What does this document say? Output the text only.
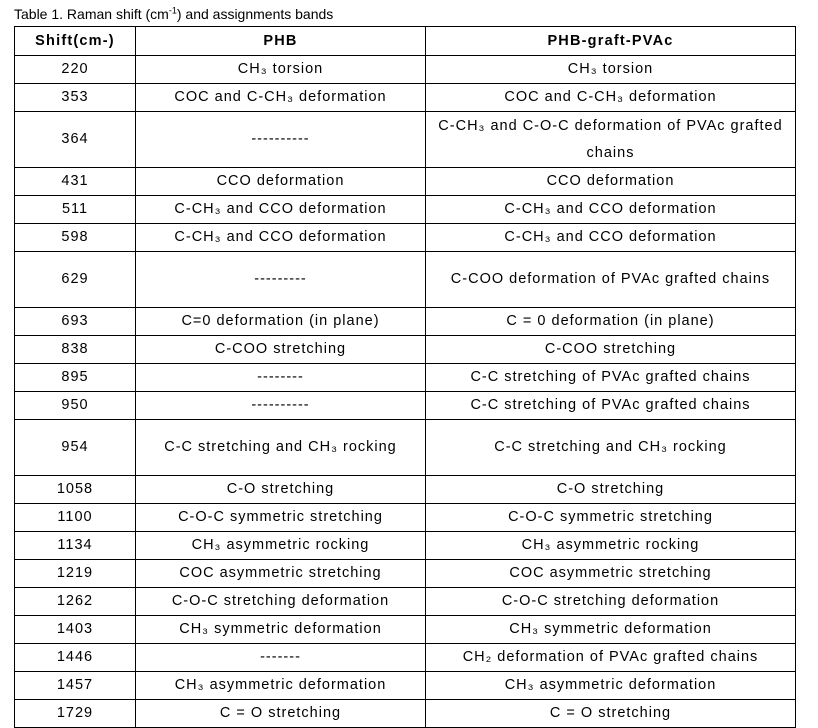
Table 1. Raman shift $(cm^{-1})$ and assignments bands
Shift(cm-)	PHB	PHB-graft-PVAc
220	CH₃ torsion	CH₃ torsion
353	COC and C-CH₃ deformation	COC and C-CH₃ deformation
364	----------	C-CH₃ and C-O-C deformation of PVAc grafted chains
431	CCO deformation	CCO deformation
511	C-CH₃ and CCO deformation	C-CH₃ and CCO deformation
598	C-CH₃ and CCO deformation	C-CH₃ and CCO deformation
629	---------	C-COO deformation of PVAc grafted chains
693	C=0 deformation (in plane)	C = 0 deformation (in plane)
838	C-COO stretching	C-COO stretching
895	--------	C-C stretching of PVAc grafted chains
950	----------	C-C stretching of PVAc grafted chains
954	C-C stretching and CH₃ rocking	C-C stretching and CH₃ rocking
1058	C-O stretching	C-O stretching
1100	C-O-C symmetric stretching	C-O-C symmetric stretching
1134	CH₃ asymmetric rocking	CH₃ asymmetric rocking
1219	COC asymmetric stretching	COC asymmetric stretching
1262	C-O-C stretching deformation	C-O-C stretching deformation
1403	CH₃ symmetric deformation	CH₃ symmetric deformation
1446	-------	CH₂ deformation of PVAc grafted chains
1457	CH₃ asymmetric deformation	CH₃ asymmetric deformation
1729	C = O stretching	C = O stretching
